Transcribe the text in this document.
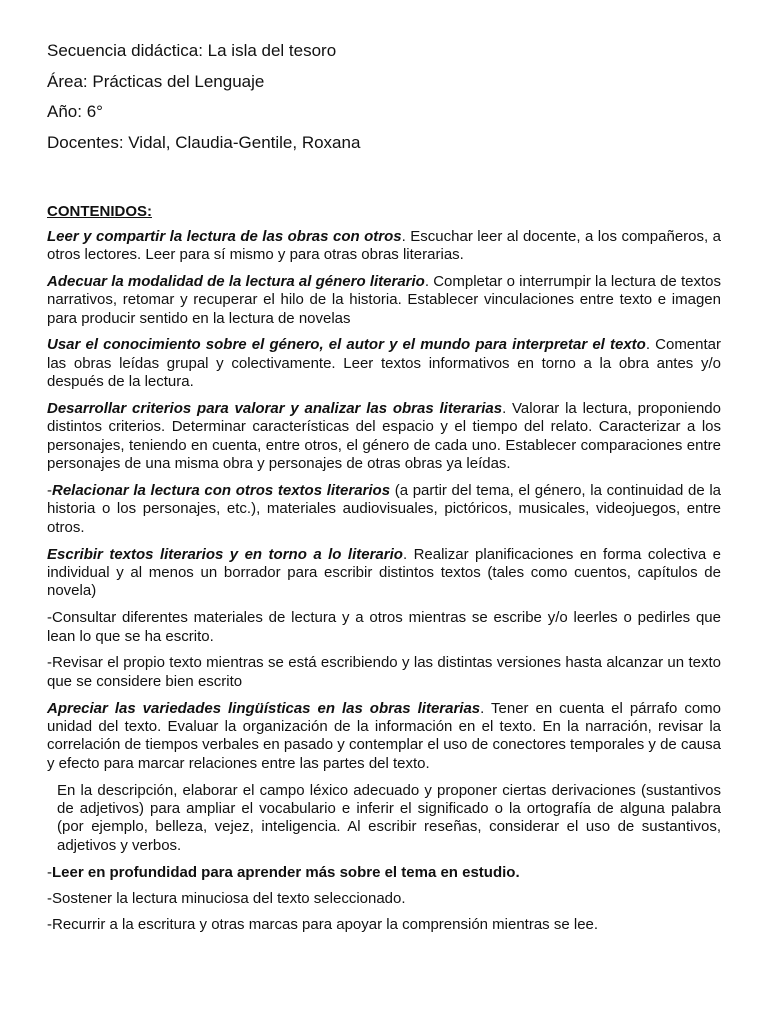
Secuencia didáctica: La isla del tesoro
Área: Prácticas del Lenguaje
Año: 6°
Docentes: Vidal, Claudia-Gentile, Roxana
CONTENIDOS:

Leer y compartir la lectura de las obras con otros. Escuchar leer al docente, a los compañeros, a otros lectores. Leer para sí mismo y para otras obras literarias.

Adecuar la modalidad de la lectura al género literario. Completar o interrumpir la lectura de textos narrativos, retomar y recuperar el hilo de la historia. Establecer vinculaciones entre texto e imagen para producir sentido en la lectura de novelas

Usar el conocimiento sobre el género, el autor y el mundo para interpretar el texto. Comentar las obras leídas grupal y colectivamente. Leer textos informativos en torno a la obra antes y/o después de la lectura.

Desarrollar criterios para valorar y analizar las obras literarias. Valorar la lectura, proponiendo distintos criterios. Determinar características del espacio y el tiempo del relato. Caracterizar a los personajes, teniendo en cuenta, entre otros, el género de cada uno. Establecer comparaciones entre personajes de una misma obra y personajes de otras obras ya leídas.

-Relacionar la lectura con otros textos literarios (a partir del tema, el género, la continuidad de la historia o los personajes, etc.), materiales audiovisuales, pictóricos, musicales, videojuegos, entre otros.

Escribir textos literarios y en torno a lo literario. Realizar planificaciones en forma colectiva e individual y al menos un borrador para escribir distintos textos (tales como cuentos, capítulos de novela)

-Consultar diferentes materiales de lectura y a otros mientras se escribe y/o leerles o pedirles que lean lo que se ha escrito.

-Revisar el propio texto mientras se está escribiendo y las distintas versiones hasta alcanzar un texto que se considere bien escrito

Apreciar las variedades lingüísticas en las obras literarias. Tener en cuenta el párrafo como unidad del texto. Evaluar la organización de la información en el texto. En la narración, revisar la correlación de tiempos verbales en pasado y contemplar el uso de conectores temporales y de causa y efecto para marcar relaciones entre las partes del texto.

En la descripción, elaborar el campo léxico adecuado y proponer ciertas derivaciones (sustantivos de adjetivos) para ampliar el vocabulario e inferir el significado o la ortografía de alguna palabra (por ejemplo, belleza, vejez, inteligencia. Al escribir reseñas, considerar el uso de sustantivos, adjetivos y verbos.

-Leer en profundidad para aprender más sobre el tema en estudio.

-Sostener la lectura minuciosa del texto seleccionado.

-Recurrir a la escritura y otras marcas para apoyar la comprensión mientras se lee.
